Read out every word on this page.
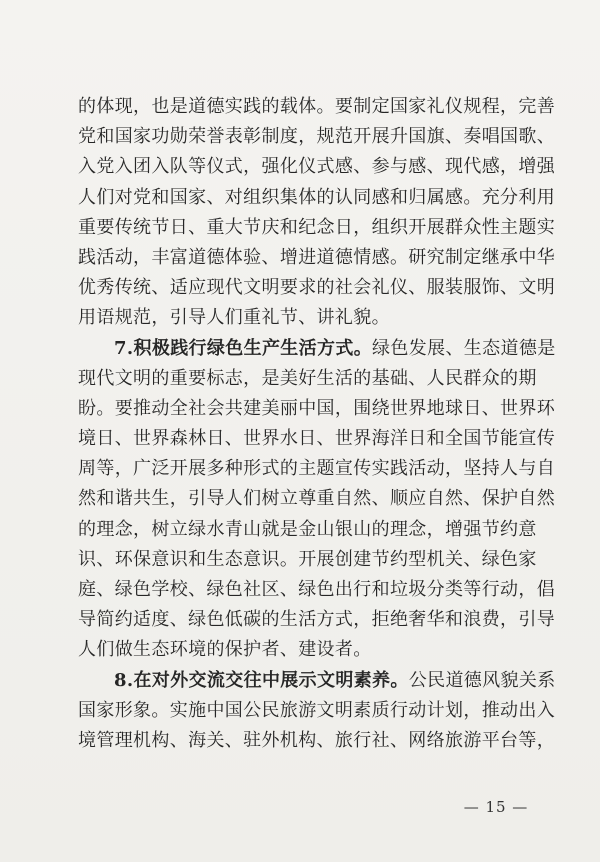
的体现，也是道德实践的载体。要制定国家礼仪规程，完善
党和国家功勋荣誉表彰制度，规范开展升国旗、奏唱国歌、
入党入团入队等仪式，强化仪式感、参与感、现代感，增强
人们对党和国家、对组织集体的认同感和归属感。充分利用
重要传统节日、重大节庆和纪念日，组织开展群众性主题实
践活动，丰富道德体验、增进道德情感。研究制定继承中华
优秀传统、适应现代文明要求的社会礼仪、服装服饰、文明
用语规范，引导人们重礼节、讲礼貌。
7.积极践行绿色生产生活方式。绿色发展、生态道德是
现代文明的重要标志，是美好生活的基础、人民群众的期
盼。要推动全社会共建美丽中国，围绕世界地球日、世界环
境日、世界森林日、世界水日、世界海洋日和全国节能宣传
周等，广泛开展多种形式的主题宣传实践活动，坚持人与自
然和谐共生，引导人们树立尊重自然、顺应自然、保护自然
的理念，树立绿水青山就是金山银山的理念，增强节约意
识、环保意识和生态意识。开展创建节约型机关、绿色家
庭、绿色学校、绿色社区、绿色出行和垃圾分类等行动，倡
导简约适度、绿色低碳的生活方式，拒绝奢华和浪费，引导
人们做生态环境的保护者、建设者。
8.在对外交流交往中展示文明素养。公民道德风貌关系
国家形象。实施中国公民旅游文明素质行动计划，推动出入
境管理机构、海关、驻外机构、旅行社、网络旅游平台等，
— 15 —
